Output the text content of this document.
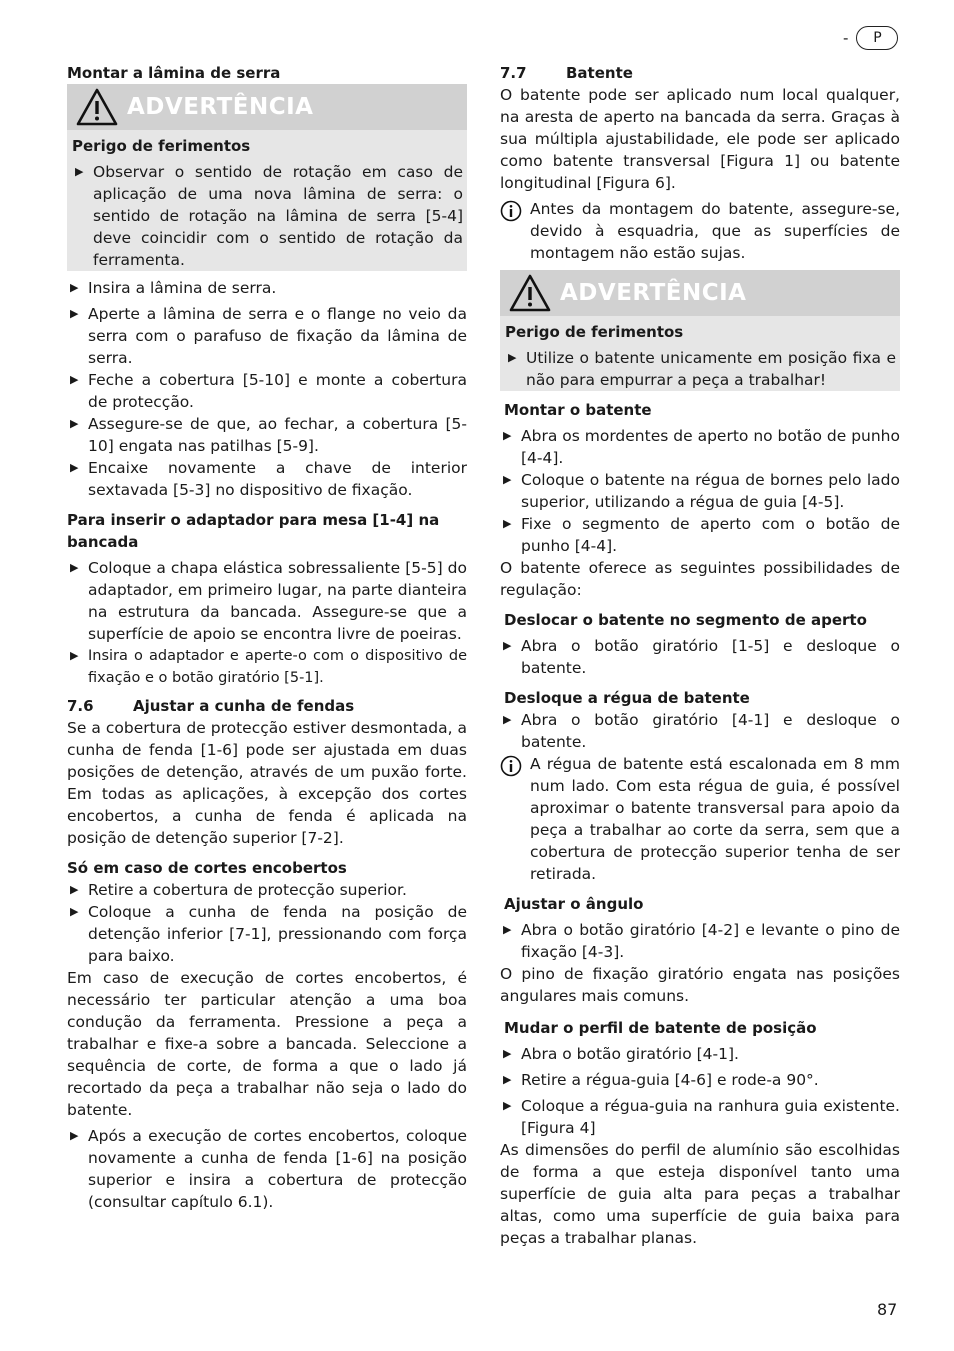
-	P
Montar a lâmina de serra
ADVERTÊNCIA
Perigo de ferimentos
▶ Observar o sentido de rotação em caso de aplicação de uma nova lâmina de serra: o sentido de rotação na lâmina de serra [5-4] deve coincidir com o sentido de rotação da ferramenta.
▶ Insira a lâmina de serra.
▶ Aperte a lâmina de serra e o flange no veio da serra com o parafuso de fixação da lâmina de serra.
▶ Feche a cobertura [5-10] e monte a cobertura de protecção.
▶ Assegure-se de que, ao fechar, a cobertura [5-10] engata nas patilhas [5-9].
▶ Encaixe novamente a chave de interior sextavada [5-3] no dispositivo de fixação.
Para inserir o adaptador para mesa [1-4] na bancada
▶ Coloque a chapa elástica sobressaliente [5-5] do adaptador, em primeiro lugar, na parte dianteira na estrutura da bancada. Assegure-se que a superfície de apoio se encontra livre de poeiras.
▶ Insira o adaptador e aperte-o com o dispositivo de fixação e o botão giratório [5-1].
7.6	Ajustar a cunha de fendas

Se a cobertura de protecção estiver desmontada, a cunha de fenda [1-6] pode ser ajustada em duas posições de detenção, através de um puxão forte. Em todas as aplicações, à excepção dos cortes encobertos, a cunha de fenda é aplicada na posição de detenção superior [7-2].

Só em caso de cortes encobertos
▶ Retire a cobertura de protecção superior.
▶ Coloque a cunha de fenda na posição de detenção inferior [7-1], pressionando com força para baixo.

Em caso de execução de cortes encobertos, é necessário ter particular atenção a uma boa condução da ferramenta. Pressione a peça a trabalhar e fixe-a sobre a bancada. Seleccione a sequência de corte, de forma a que o lado já recortado da peça a trabalhar não seja o lado do batente.

▶ Após a execução de cortes encobertos, coloque novamente a cunha de fenda [1-6] na posição superior e insira a cobertura de protecção (consultar capítulo 6.1).
7.7	Batente

O batente pode ser aplicado num local qualquer, na aresta de aperto na bancada da serra. Graças à sua múltipla ajustabilidade, ele pode ser aplicado como batente transversal [Figura 1] ou batente longitudinal [Figura 6].

Antes da montagem do batente, assegure-se, devido à esquadria, que as superfícies de montagem não estão sujas.
ADVERTÊNCIA
Perigo de ferimentos
▶ Utilize o batente unicamente em posição fixa e não para empurrar a peça a trabalhar!
Montar o batente
▶ Abra os mordentes de aperto no botão de punho [4-4].
▶ Coloque o batente na régua de bornes pelo lado superior, utilizando a régua de guia [4-5].
▶ Fixe o segmento de aperto com o botão de punho [4-4].

O batente oferece as seguintes possibilidades de regulação:

Deslocar o batente no segmento de aperto
▶ Abra o botão giratório [1-5] e desloque o batente.
Desloque a régua de batente
▶ Abra o botão giratório [4-1] e desloque o batente.
A régua de batente está escalonada em 8 mm num lado. Com esta régua de guia, é possível aproximar o batente transversal para apoio da peça a trabalhar ao corte da serra, sem que a cobertura de protecção superior tenha de ser retirada.
Ajustar o ângulo
▶ Abra o botão giratório [4-2] e levante o pino de fixação [4-3].

O pino de fixação giratório engata nas posições angulares mais comuns.

Mudar o perfil de batente de posição
▶ Abra o botão giratório [4-1].
▶ Retire a régua-guia [4-6] e rode-a 90°.
▶ Coloque a régua-guia na ranhura guia existente. [Figura 4]

As dimensões do perfil de alumínio são escolhidas de forma a que esteja disponível tanto uma superfície de guia alta para peças a trabalhar altas, como uma superfície de guia baixa para peças a trabalhar planas.

87
